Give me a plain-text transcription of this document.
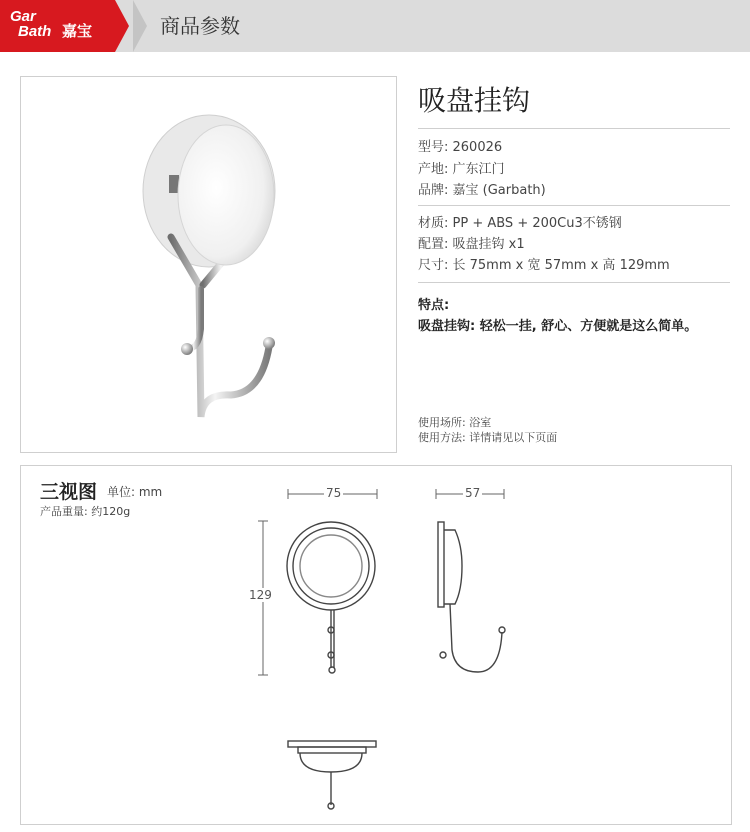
Gar
Bath 嘉宝	商品参数
吸盘挂钩
型号: 260026
产地: 广东江门
品牌: 嘉宝 (Garbath)
材质: PP + ABS + 200Cu3不锈钢
配置: 吸盘挂钩 x1
尺寸: 长 75mm x 宽 57mm x 高 129mm
特点:
吸盘挂钩: 轻松一挂, 舒心、方便就是这么简单。
使用场所: 浴室
使用方法: 详情请见以下页面
三视图 单位: mm
产品重量: 约120g
75	57
129
